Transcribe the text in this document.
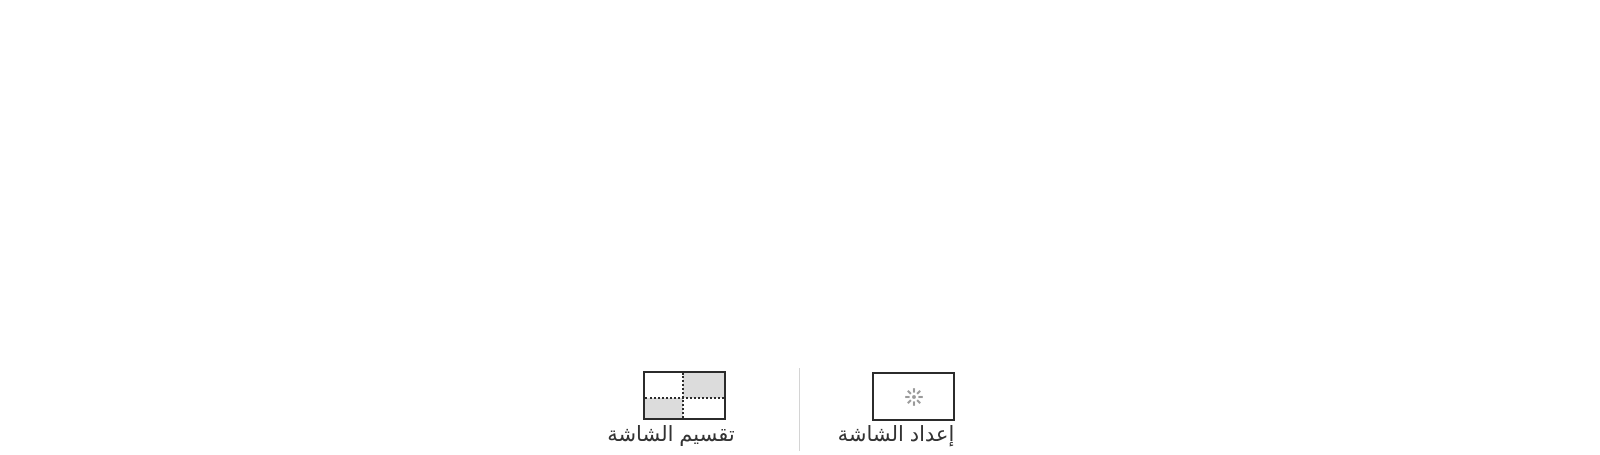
تقسيم الشاشة	إعداد الشاشة
